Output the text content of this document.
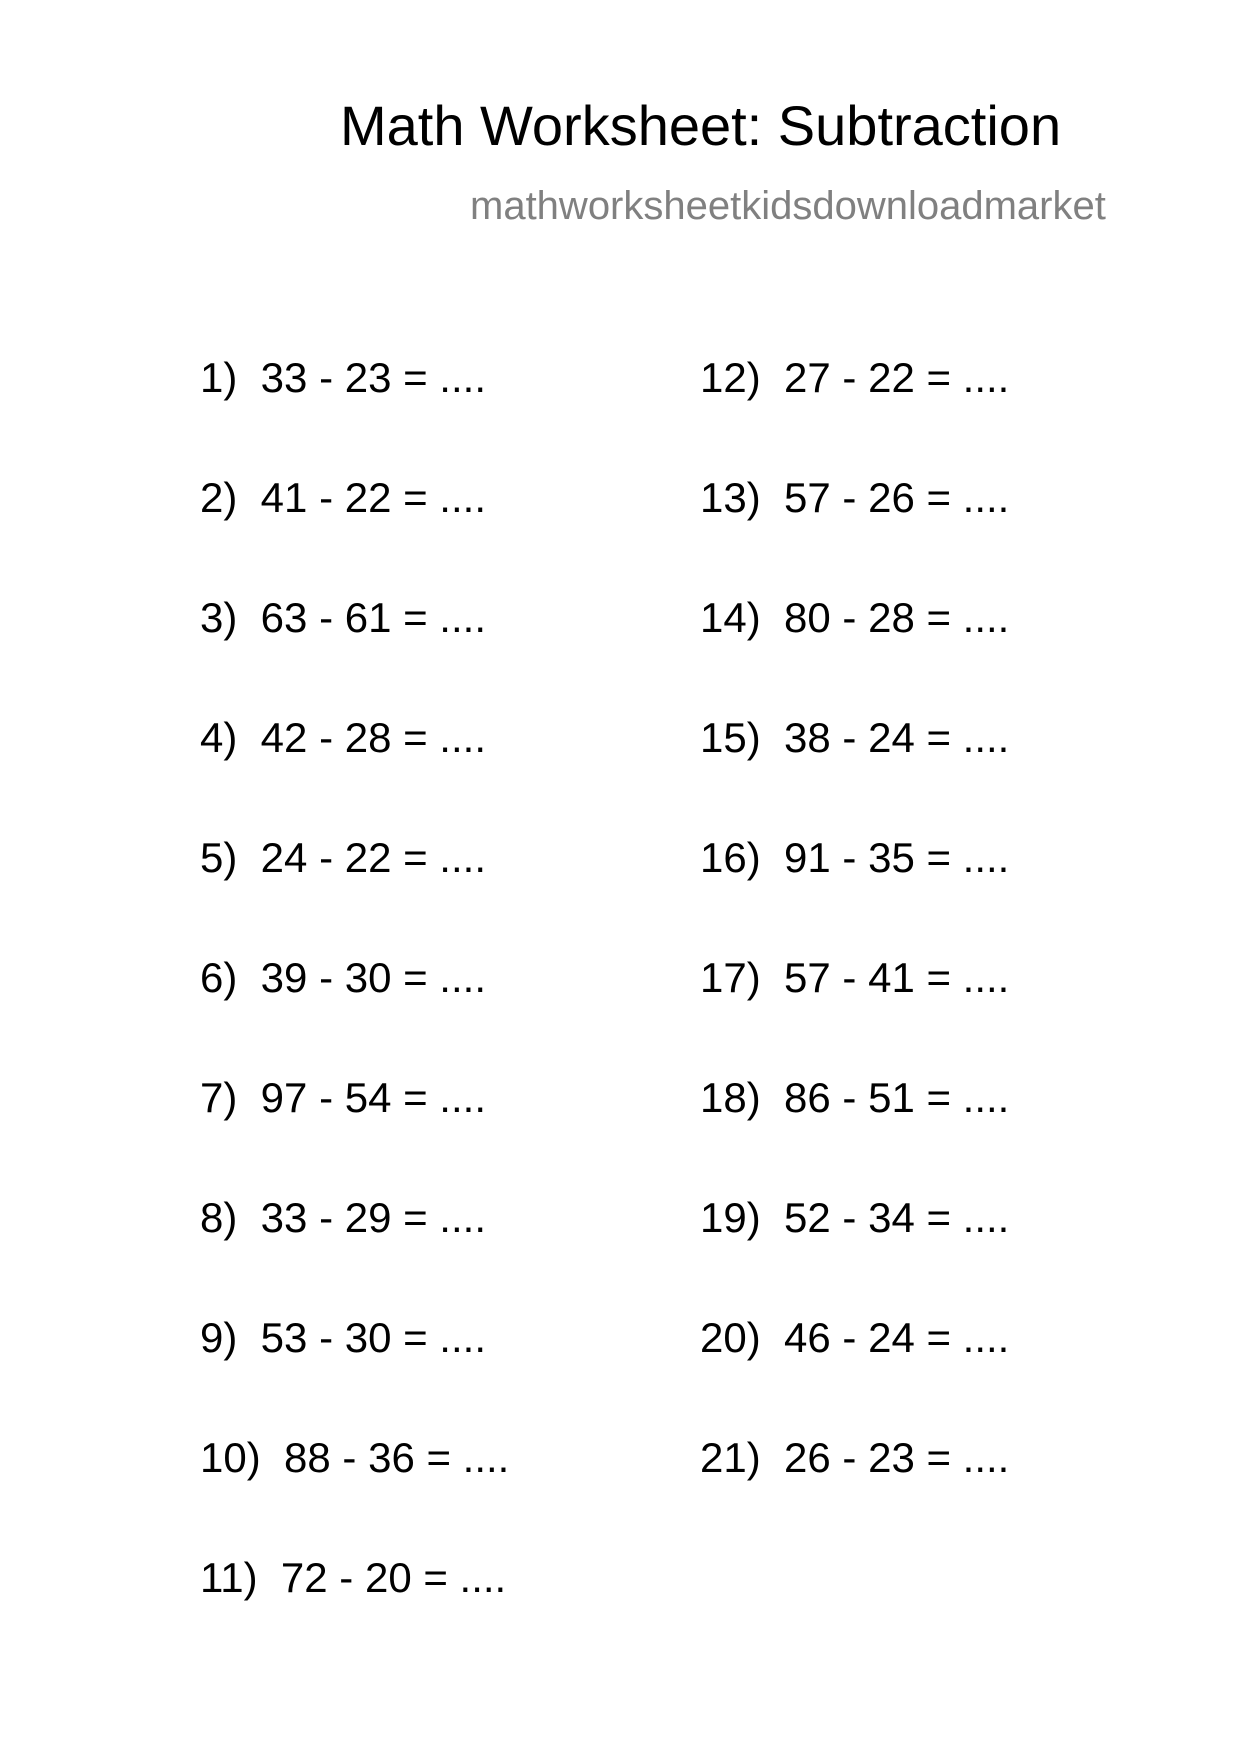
Math Worksheet: Subtraction
mathworksheetkidsdownloadmarket
1)  33 - 23 = ....
2)  41 - 22 = ....
3)  63 - 61 = ....
4)  42 - 28 = ....
5)  24 - 22 = ....
6)  39 - 30 = ....
7)  97 - 54 = ....
8)  33 - 29 = ....
9)  53 - 30 = ....
10)  88 - 36 = ....
11)  72 - 20 = ....
12)  27 - 22 = ....
13)  57 - 26 = ....
14)  80 - 28 = ....
15)  38 - 24 = ....
16)  91 - 35 = ....
17)  57 - 41 = ....
18)  86 - 51 = ....
19)  52 - 34 = ....
20)  46 - 24 = ....
21)  26 - 23 = ....
